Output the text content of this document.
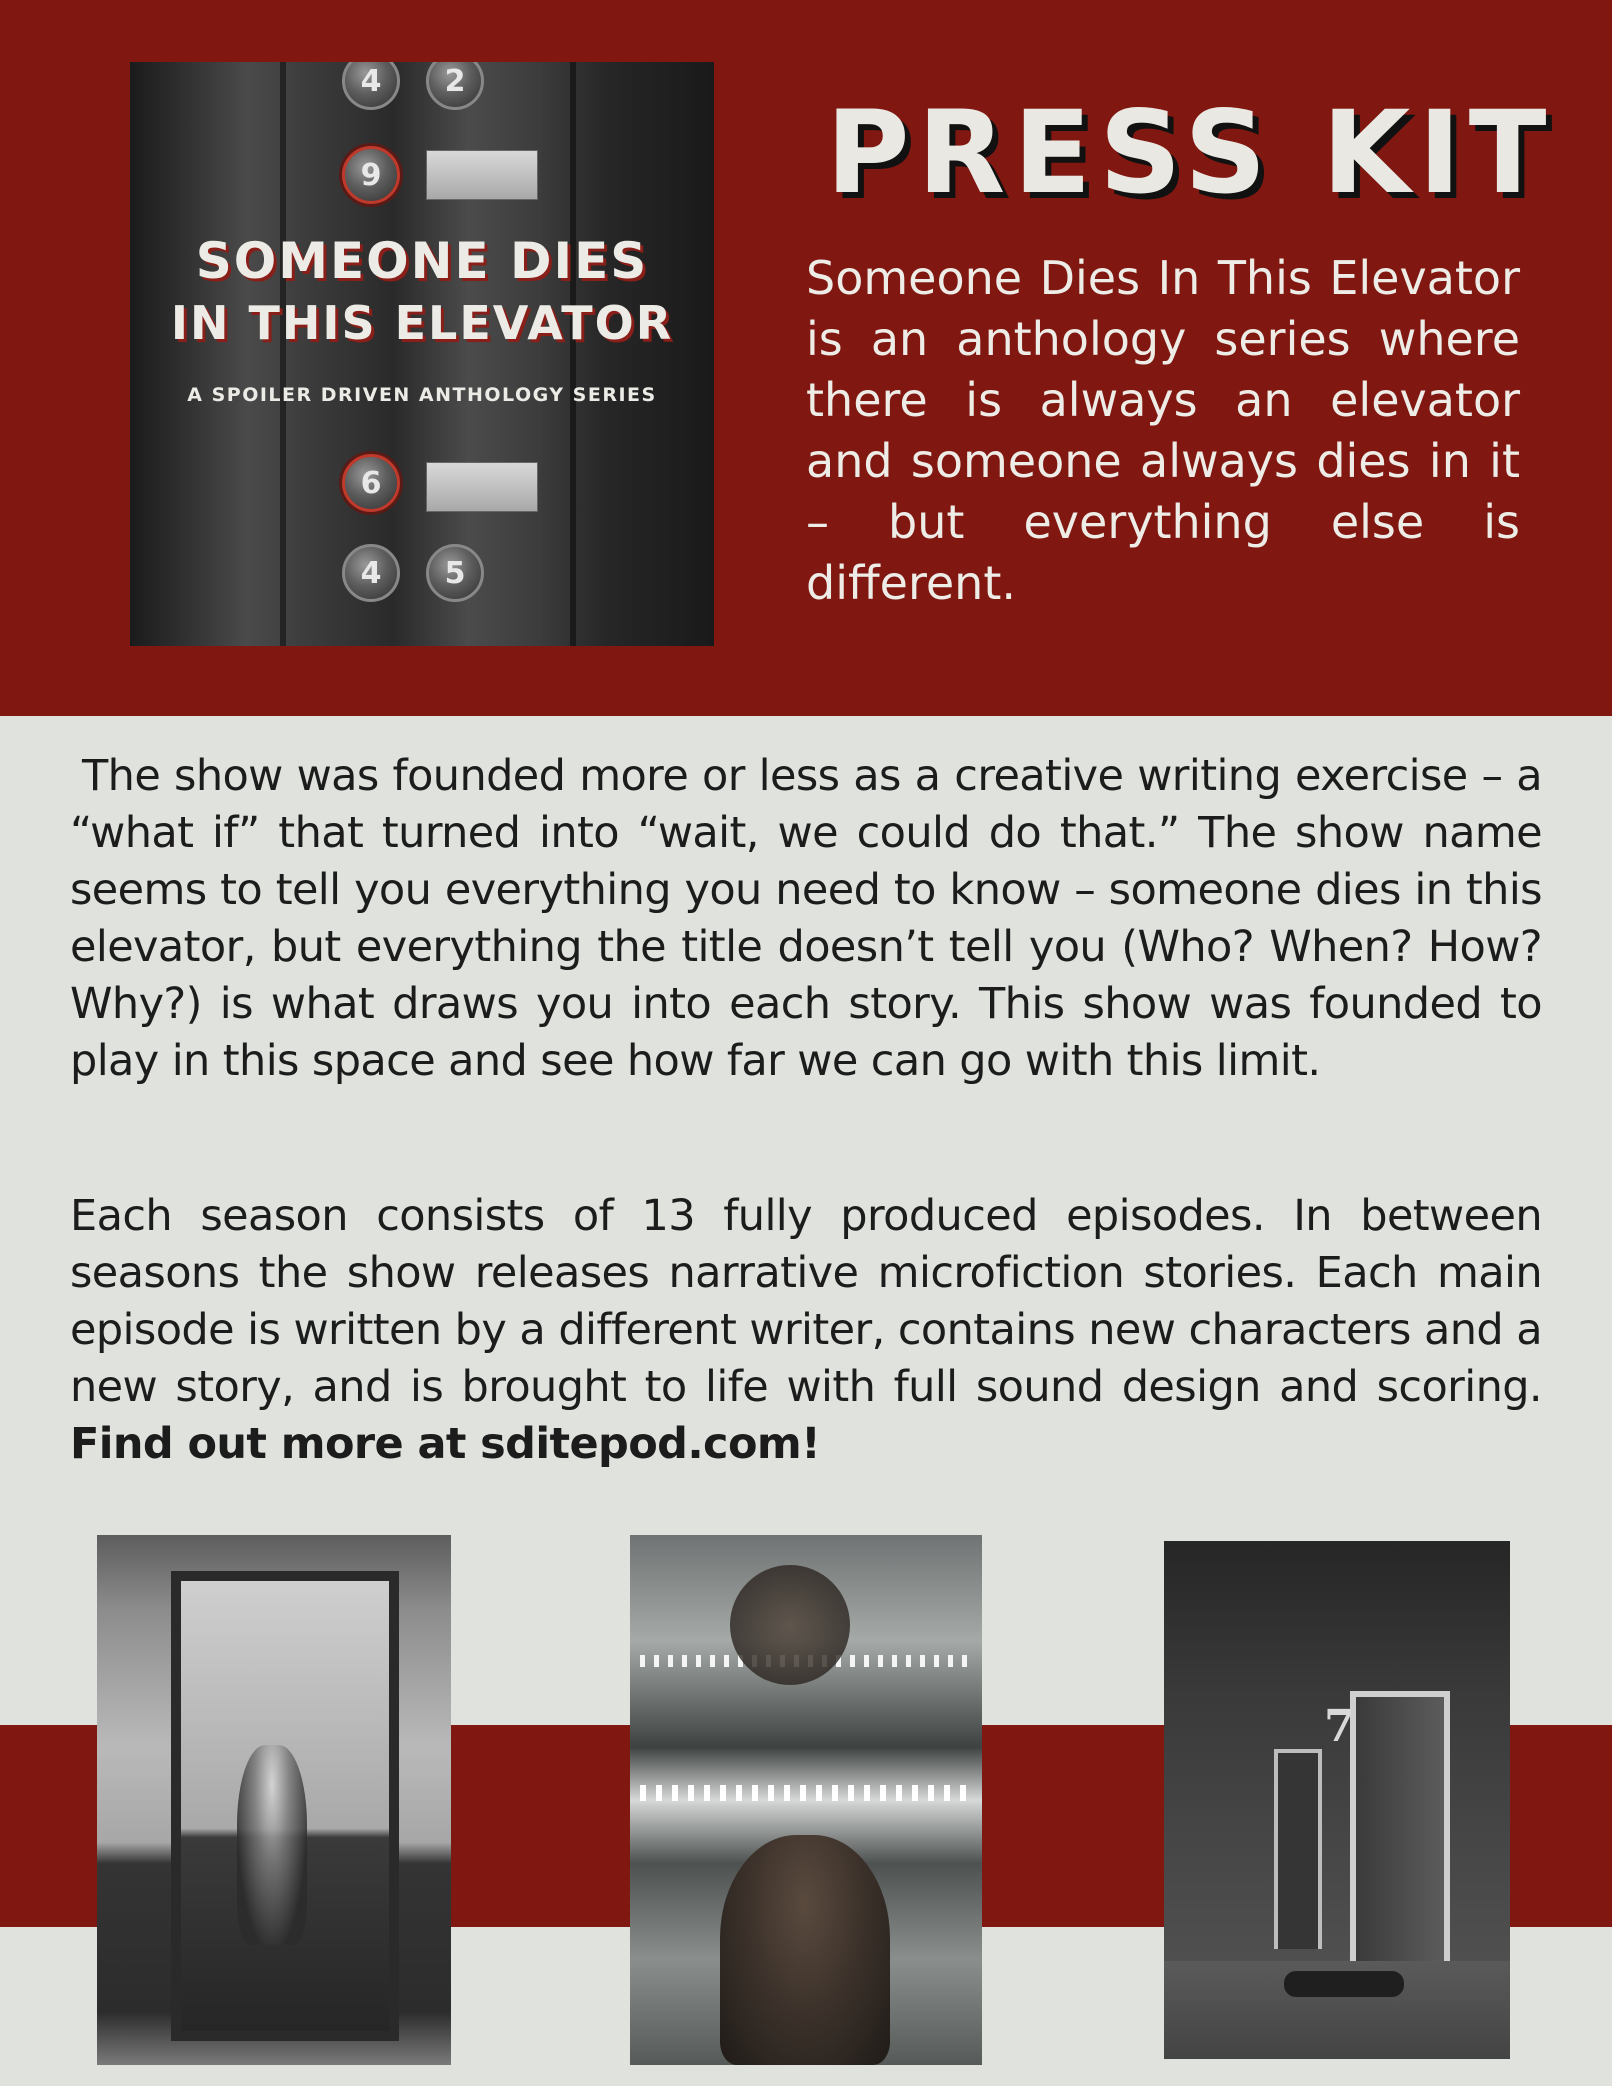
4	2
9
SOMEONE DIES
IN THIS ELEVATOR
A SPOILER DRIVEN ANTHOLOGY SERIES
6
4	5
PRESS KIT

Someone Dies In This Elevator is an anthology series where there is always an elevator and someone always dies in it – but everything else is different.

The show was founded more or less as a creative writing exercise – a “what if” that turned into “wait, we could do that.” The show name seems to tell you everything you need to know – someone dies in this elevator, but everything the title doesn’t tell you (Who? When? How? Why?) is what draws you into each story. This show was founded to play in this space and see how far we can go with this limit.

Each season consists of 13 fully produced episodes. In between seasons the show releases narrative microfiction stories. Each main episode is written by a different writer, contains new characters and a new story, and is brought to life with full sound design and scoring. Find out more at sditepod.com!

7
